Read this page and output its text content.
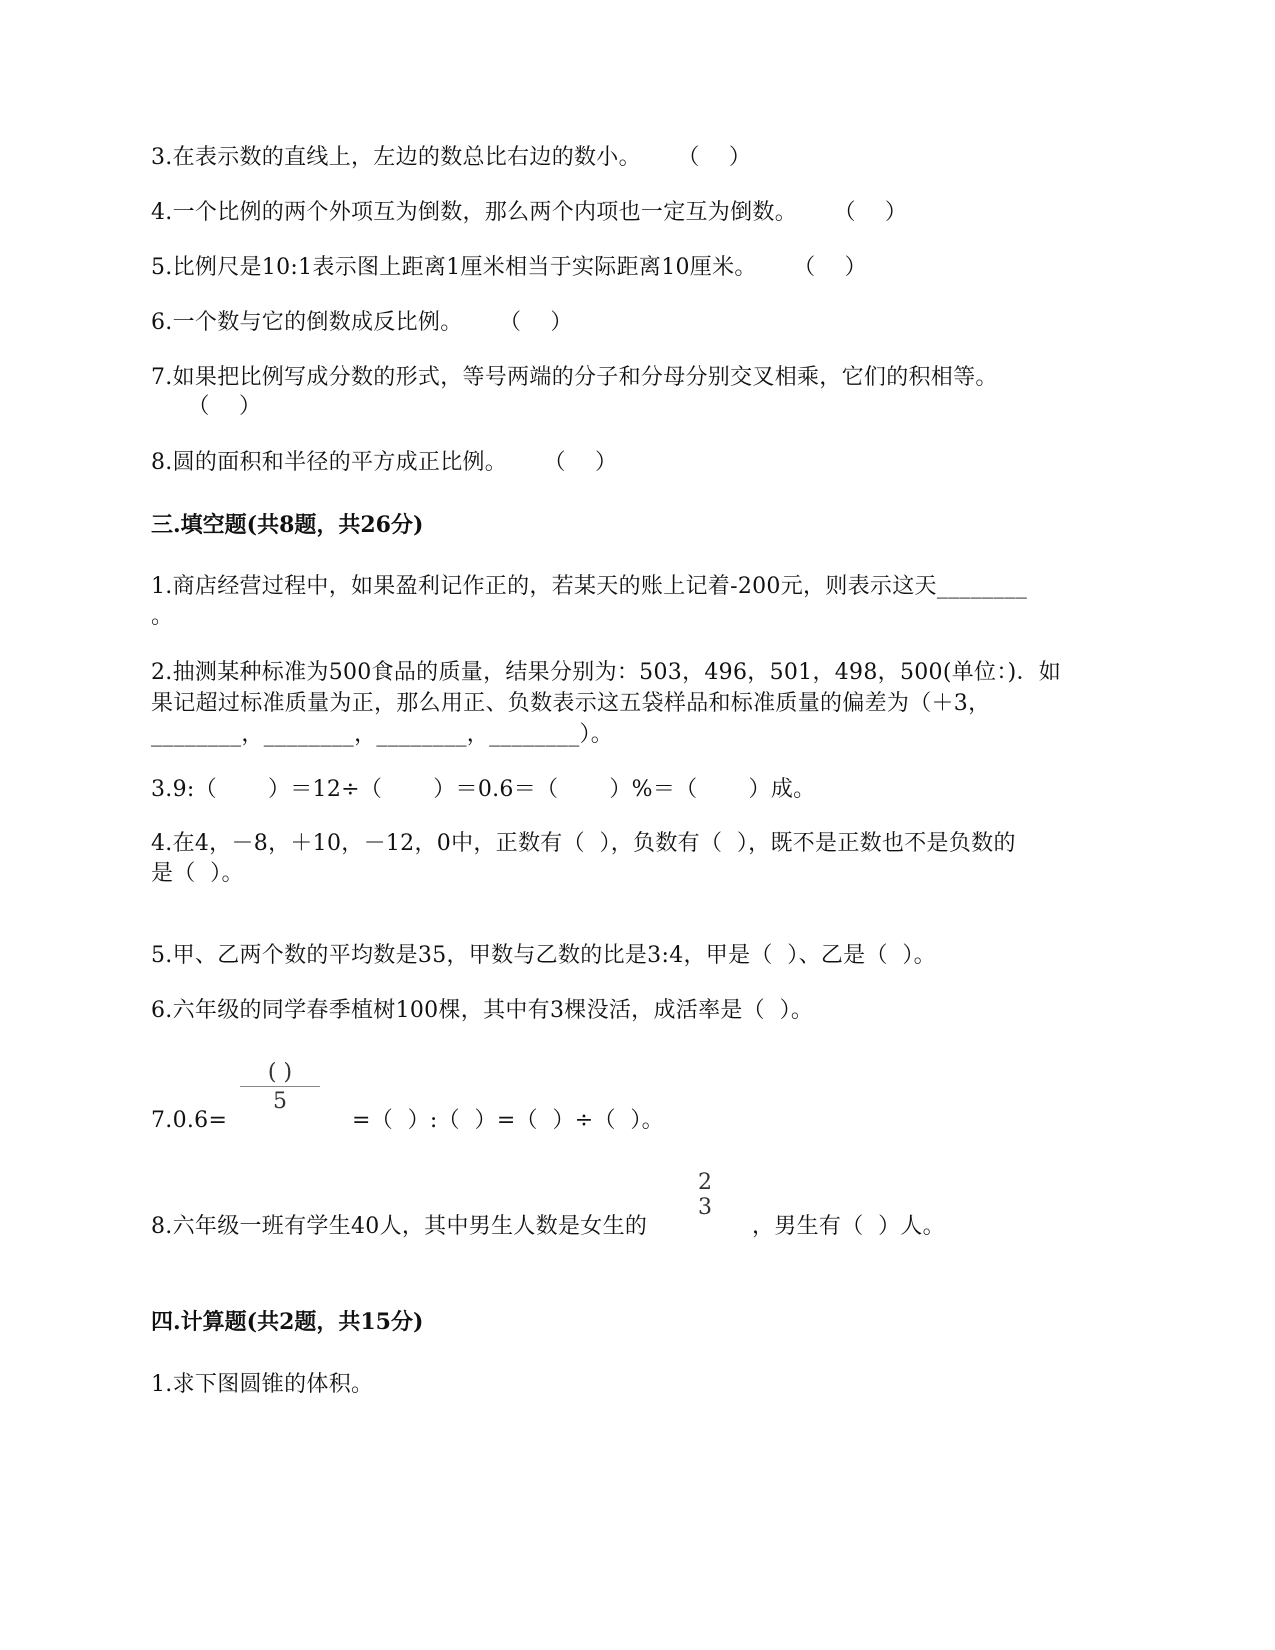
3.在表示数的直线上，左边的数总比右边的数小。     （    ）
4.一个比例的两个外项互为倒数，那么两个内项也一定互为倒数。     （    ）
5.比例尺是10:1表示图上距离1厘米相当于实际距离10厘米。     （    ）
6.一个数与它的倒数成反比例。     （    ）
7.如果把比例写成分数的形式，等号两端的分子和分母分别交叉相乘，它们的积相等。
（    ）
8.圆的面积和半径的平方成正比例。     （    ）
三.填空题(共8题，共26分)
1.商店经营过程中，如果盈利记作正的，若某天的账上记着-200元，则表示这天________
。
2.抽测某种标准为500食品的质量，结果分别为：503，496，501，498，500(单位：)．如
果记超过标准质量为正，那么用正、负数表示这五袋样品和标准质量的偏差为（＋3，
________，________，________，________）。
3.9:（       ）＝12÷（       ）＝0.6＝（       ）%＝（       ）成。
4.在4，－8，＋10，－12，0中，正数有（  ），负数有（  ），既不是正数也不是负数的
是（  ）。
5.甲、乙两个数的平均数是35，甲数与乙数的比是3:4，甲是（  ）、乙是（  ）。
6.六年级的同学春季植树100棵，其中有3棵没活，成活率是（  ）。
7.0.6=
( )
5
=（  ）:（  ）=（  ）÷（  ）。
8.六年级一班有学生40人，其中男生人数是女生的
2
3
，男生有（  ）人。
四.计算题(共2题，共15分)
1.求下图圆锥的体积。
